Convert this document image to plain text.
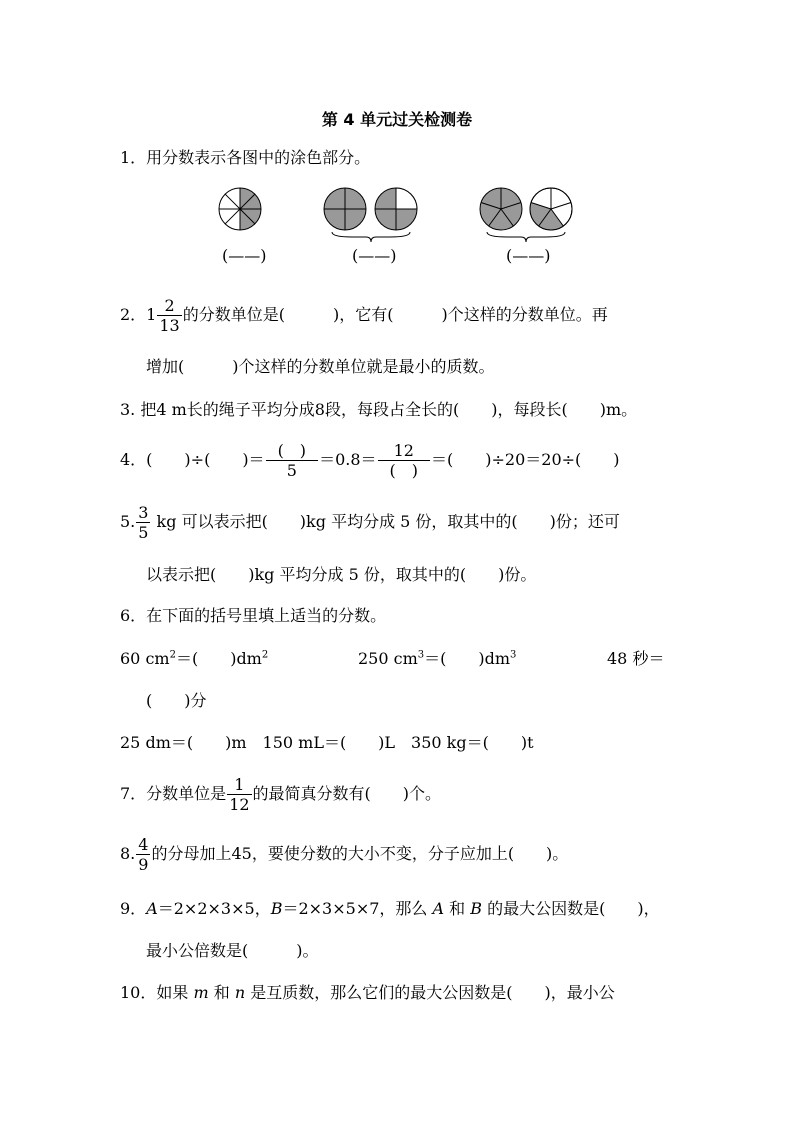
第 4 单元过关检测卷
1．用分数表示各图中的涂色部分。
(——)	(——)	(——)
2．$1 \frac{2}{13}$ 的分数单位是(　　　)，它有(　　　)个这样的分数单位。再
增加(　　　)个这样的分数单位就是最小的质数。
3. 把4 m长的绳子平均分成8段，每段占全长的(　　)，每段长(　　)m。
4．(　　)÷(　　)＝ (　)
5
＝0.8＝	12
(　)
＝(　　)÷20＝20÷(　　)
5. $\frac{3}{5}$ kg 可以表示把(　　)kg 平均分成 5 份，取其中的(　　)份；还可
以表示把(　　)kg 平均分成 5 份，取其中的(　　)份。
6．在下面的括号里填上适当的分数。
60 $cm^2=$(　　)$dm^2$	250 $cm^3=$(　　)$dm^3$	48 秒＝
(　　)分
25 dm＝(　　)m　150 mL＝(　　)L　350 kg＝(　　)t
7．分数单位是 $\frac{1}{12}$ 的最简真分数有(　　)个。
8. $\frac{4}{9}$ 的分母加上45，要使分数的大小不变，分子应加上(　　)。
9．A＝2×2×3×5，B＝2×3×5×7，那么 A 和 B 的最大公因数是(　　)，
最小公倍数是(　　　)。
10．如果 m 和 n 是互质数，那么它们的最大公因数是(　　)，最小公
